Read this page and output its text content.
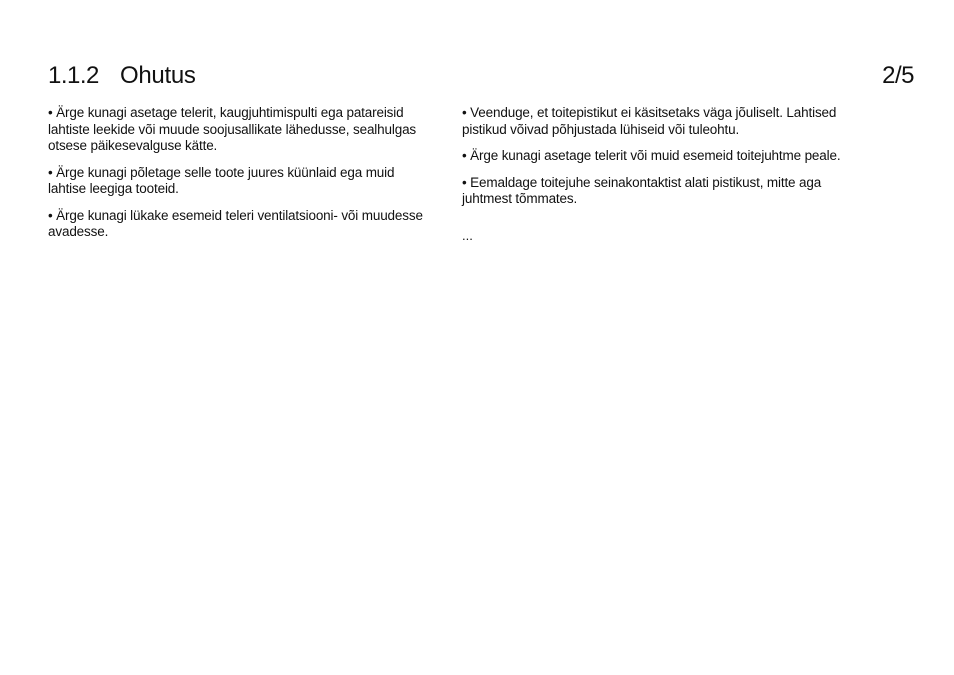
1.1.2 Ohutus	2/5

• Ärge kunagi asetage telerit, kaugjuhtimispulti ega patareisid lahtiste leekide või muude soojusallikate lähedusse, sealhulgas otsese päikesevalguse kätte.

• Ärge kunagi põletage selle toote juures küünlaid ega muid lahtise leegiga tooteid.

• Ärge kunagi lükake esemeid teleri ventilatsiooni- või muudesse avadesse.

• Veenduge, et toitepistikut ei käsitsetaks väga jõuliselt. Lahtised pistikud võivad põhjustada lühiseid või tuleohtu.

• Ärge kunagi asetage telerit või muid esemeid toitejuhtme peale.

• Eemaldage toitejuhe seinakontaktist alati pistikust, mitte aga juhtmest tõmmates.

...
